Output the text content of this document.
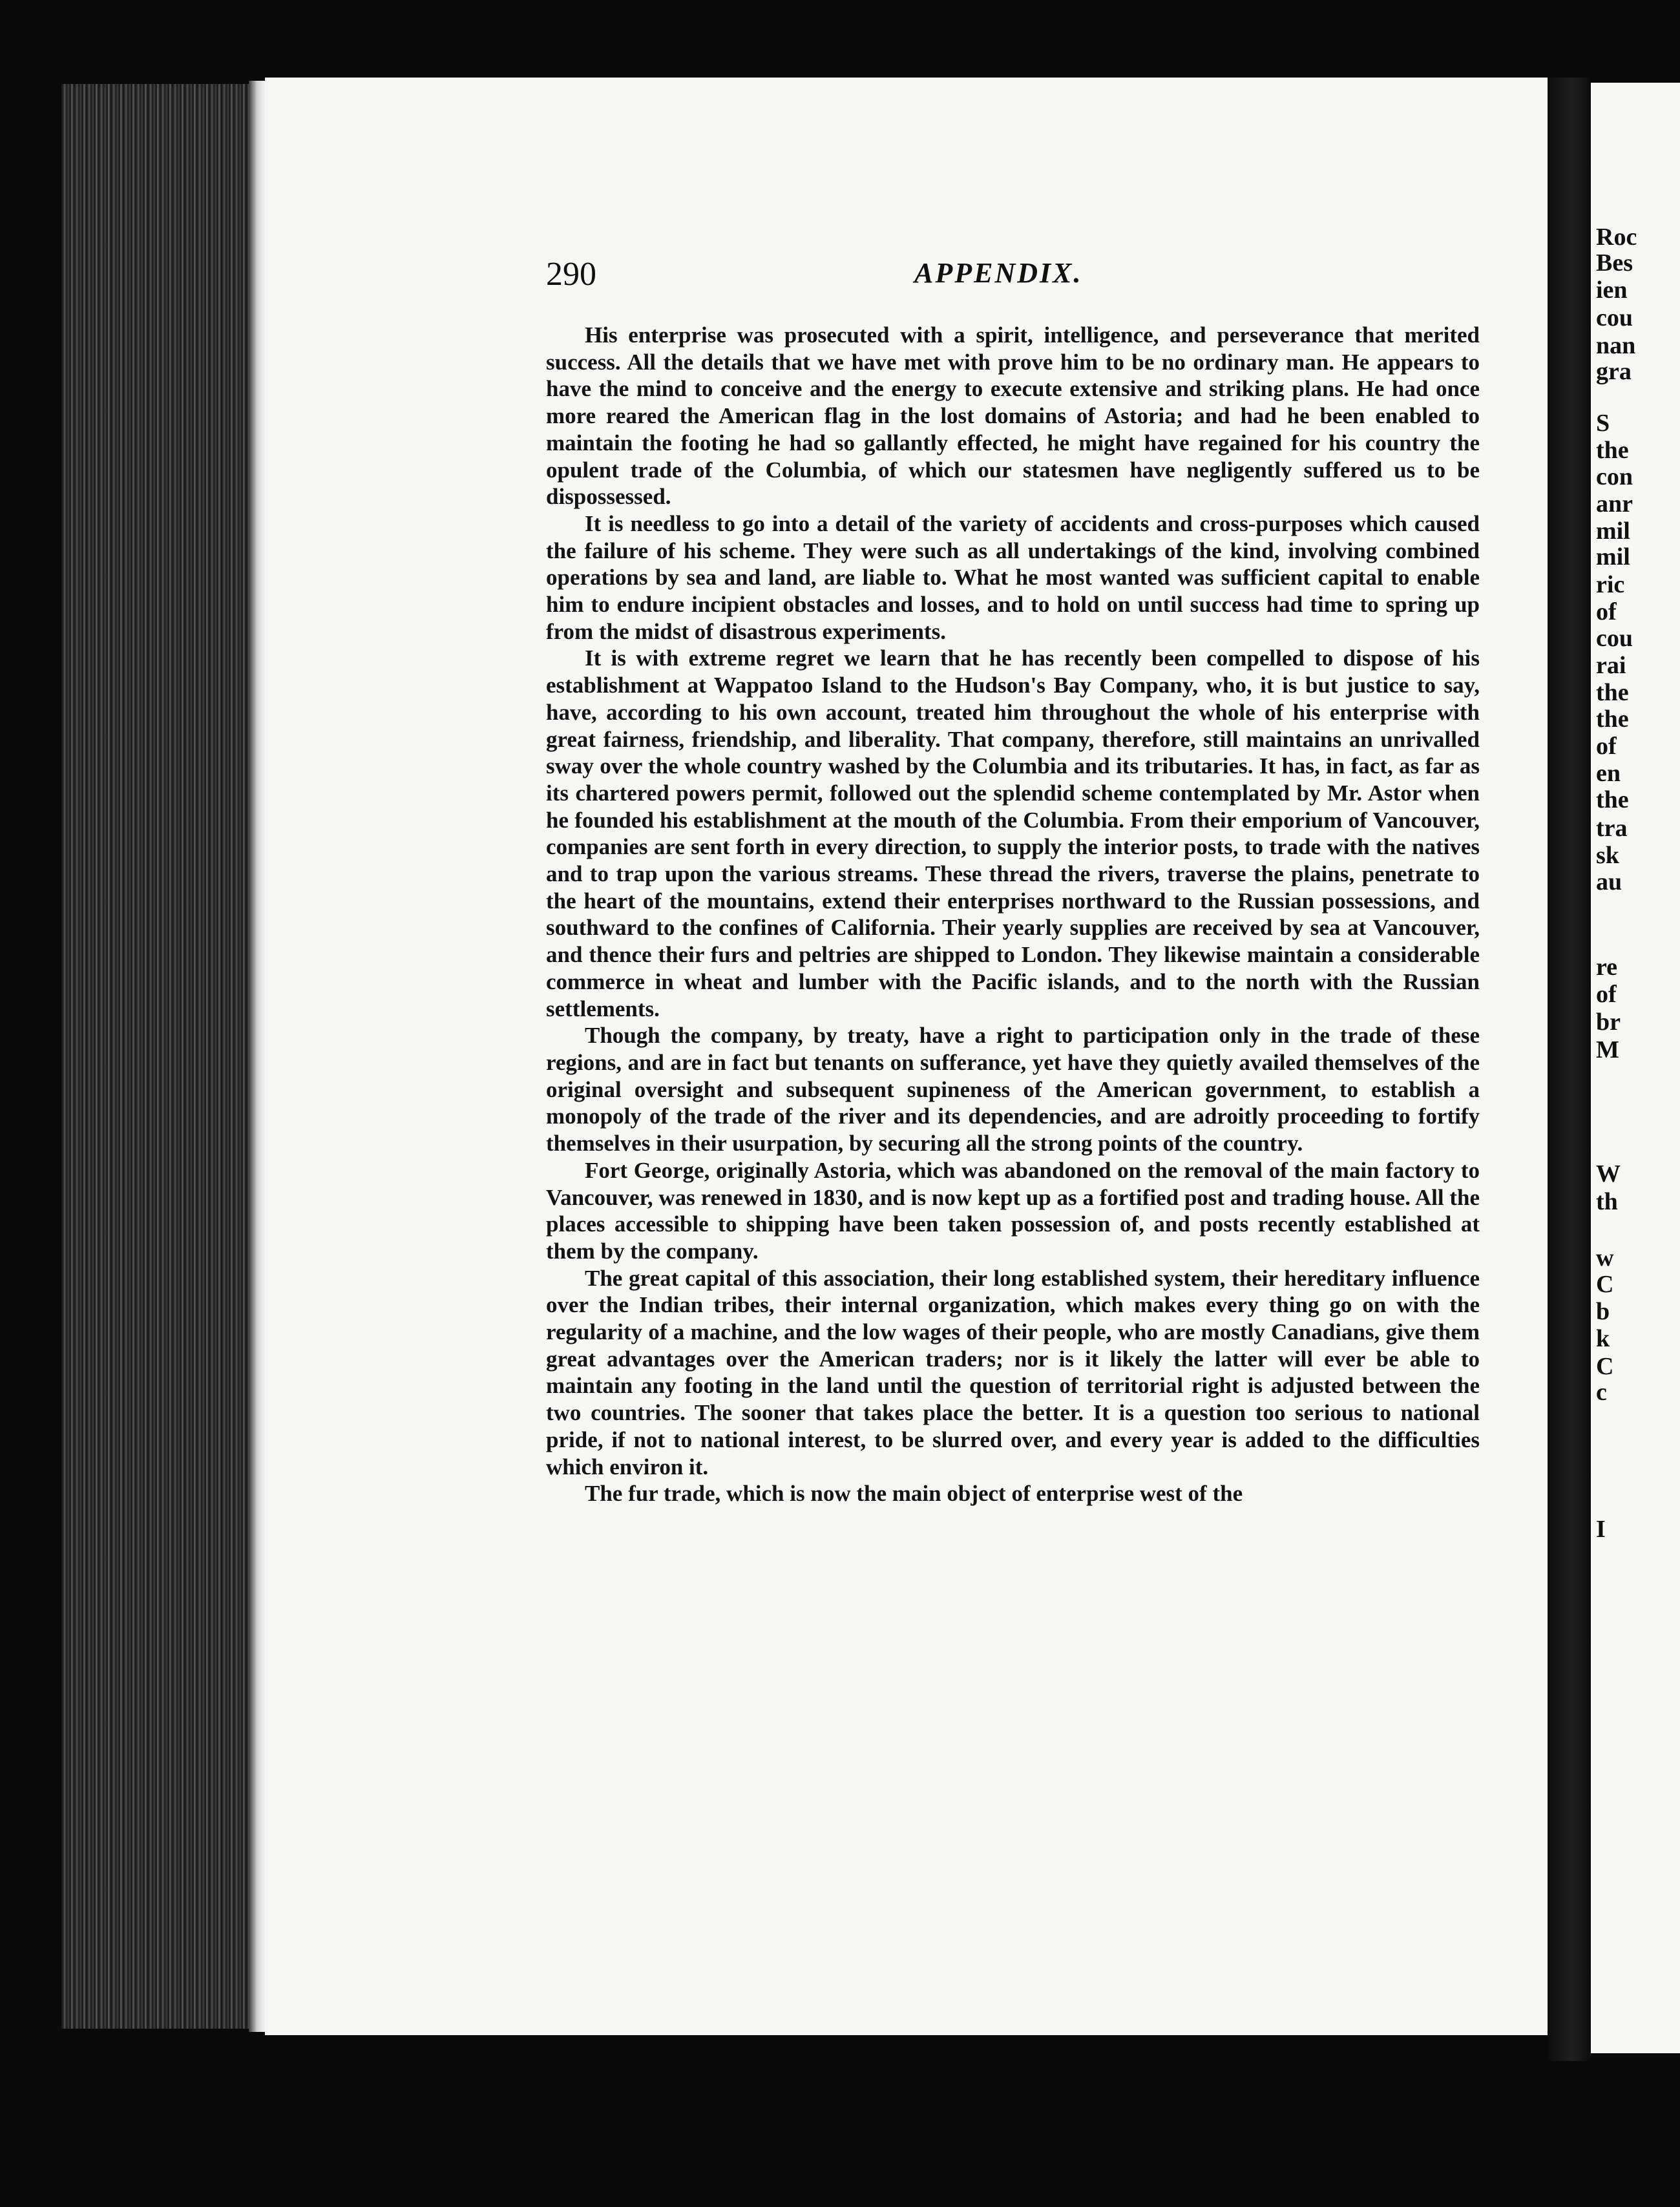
290	APPENDIX.

His enterprise was prosecuted with a spirit, intelligence, and perseverance that merited success. All the details that we have met with prove him to be no ordinary man. He appears to have the mind to conceive and the energy to execute extensive and striking plans. He had once more reared the American flag in the lost domains of Astoria; and had he been enabled to maintain the footing he had so gallantly effected, he might have regained for his country the opulent trade of the Columbia, of which our statesmen have negligently suffered us to be dispossessed.

It is needless to go into a detail of the variety of accidents and cross-purposes which caused the failure of his scheme. They were such as all undertakings of the kind, involving combined operations by sea and land, are liable to. What he most wanted was sufficient capital to enable him to endure incipient obstacles and losses, and to hold on until success had time to spring up from the midst of disastrous experiments.

It is with extreme regret we learn that he has recently been compelled to dispose of his establishment at Wappatoo Island to the Hudson's Bay Company, who, it is but justice to say, have, according to his own account, treated him throughout the whole of his enterprise with great fairness, friendship, and liberality. That company, therefore, still maintains an unrivalled sway over the whole country washed by the Columbia and its tributaries. It has, in fact, as far as its chartered powers permit, followed out the splendid scheme contemplated by Mr. Astor when he founded his establishment at the mouth of the Columbia. From their emporium of Vancouver, companies are sent forth in every direction, to supply the interior posts, to trade with the natives and to trap upon the various streams. These thread the rivers, traverse the plains, penetrate to the heart of the mountains, extend their enterprises northward to the Russian possessions, and southward to the confines of California. Their yearly supplies are received by sea at Vancouver, and thence their furs and peltries are shipped to London. They likewise maintain a considerable commerce in wheat and lumber with the Pacific islands, and to the north with the Russian settlements.

Though the company, by treaty, have a right to participation only in the trade of these regions, and are in fact but tenants on sufferance, yet have they quietly availed themselves of the original oversight and subsequent supineness of the American government, to establish a monopoly of the trade of the river and its dependencies, and are adroitly proceeding to fortify themselves in their usurpation, by securing all the strong points of the country.

Fort George, originally Astoria, which was abandoned on the removal of the main factory to Vancouver, was renewed in 1830, and is now kept up as a fortified post and trading house. All the places accessible to shipping have been taken possession of, and posts recently established at them by the company.

The great capital of this association, their long established system, their hereditary influence over the Indian tribes, their internal organization, which makes every thing go on with the regularity of a machine, and the low wages of their people, who are mostly Canadians, give them great advantages over the American traders; nor is it likely the latter will ever be able to maintain any footing in the land until the question of territorial right is adjusted between the two countries. The sooner that takes place the better. It is a question too serious to national pride, if not to national interest, to be slurred over, and every year is added to the difficulties which environ it.

The fur trade, which is now the main object of enterprise west of the

Roc
Bes
ien
cou
nan
gra
S
the
con
anr
mil
mil
ric
of
cou
rai
the
the
of
en
the
tra
sk
au
re
of
br
M
W
th
w
C
b
k
C
c
I
